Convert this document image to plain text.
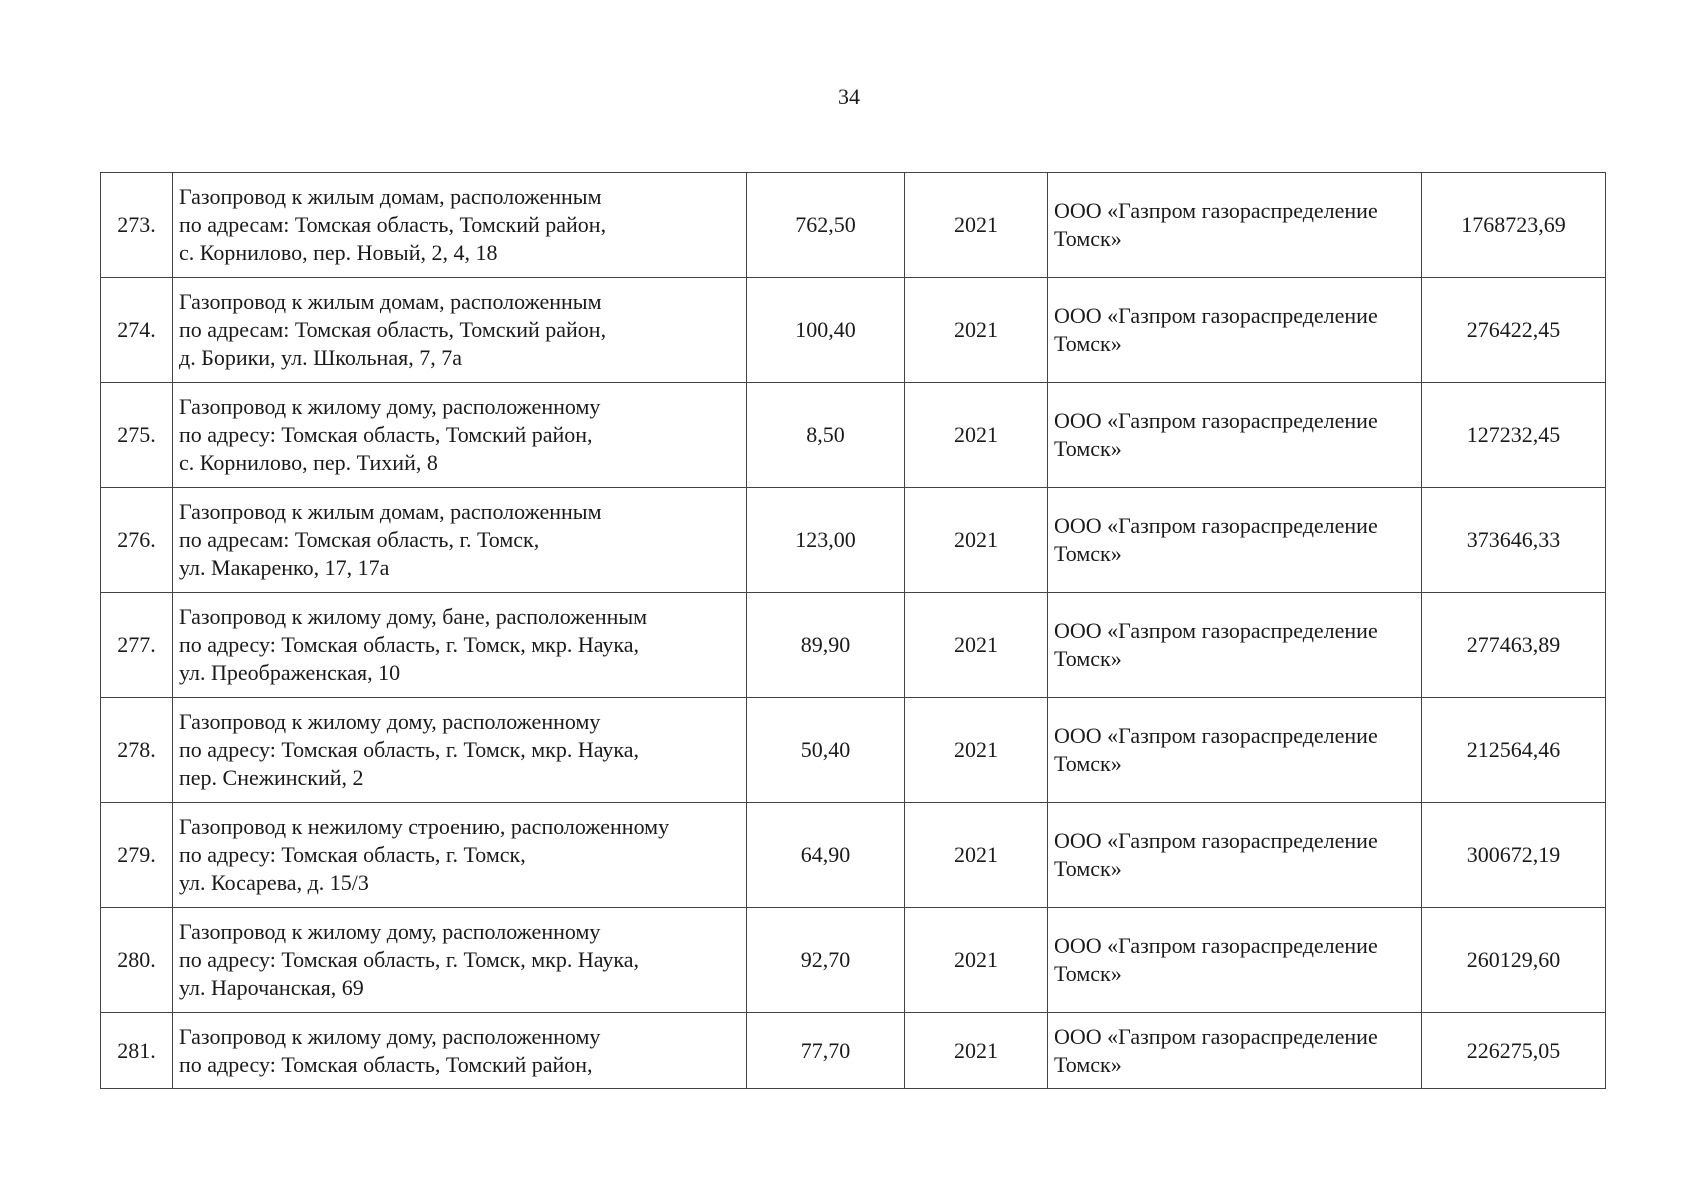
34
273.	Газопровод к жилым домам, расположенным
по адресам: Томская область, Томский район,
с. Корнилово, пер. Новый, 2, 4, 18	762,50	2021	ООО «Газпром газораспределение
Томск»	1768723,69
274.	Газопровод к жилым домам, расположенным
по адресам: Томская область, Томский район,
д. Борики, ул. Школьная, 7, 7а	100,40	2021	ООО «Газпром газораспределение
Томск»	276422,45
275.	Газопровод к жилому дому, расположенному
по адресу: Томская область, Томский район,
с. Корнилово, пер. Тихий, 8	8,50	2021	ООО «Газпром газораспределение
Томск»	127232,45
276.	Газопровод к жилым домам, расположенным
по адресам: Томская область, г. Томск,
ул. Макаренко, 17, 17а	123,00	2021	ООО «Газпром газораспределение
Томск»	373646,33
277.	Газопровод к жилому дому, бане, расположенным
по адресу: Томская область, г. Томск, мкр. Наука,
ул. Преображенская, 10	89,90	2021	ООО «Газпром газораспределение
Томск»	277463,89
278.	Газопровод к жилому дому, расположенному
по адресу: Томская область, г. Томск, мкр. Наука,
пер. Снежинский, 2	50,40	2021	ООО «Газпром газораспределение
Томск»	212564,46
279.	Газопровод к нежилому строению, расположенному
по адресу: Томская область, г. Томск,
ул. Косарева, д. 15/3	64,90	2021	ООО «Газпром газораспределение
Томск»	300672,19
280.	Газопровод к жилому дому, расположенному
по адресу: Томская область, г. Томск, мкр. Наука,
ул. Нарочанская, 69	92,70	2021	ООО «Газпром газораспределение
Томск»	260129,60
281.	Газопровод к жилому дому, расположенному
по адресу: Томская область, Томский район,	77,70	2021	ООО «Газпром газораспределение
Томск»	226275,05
